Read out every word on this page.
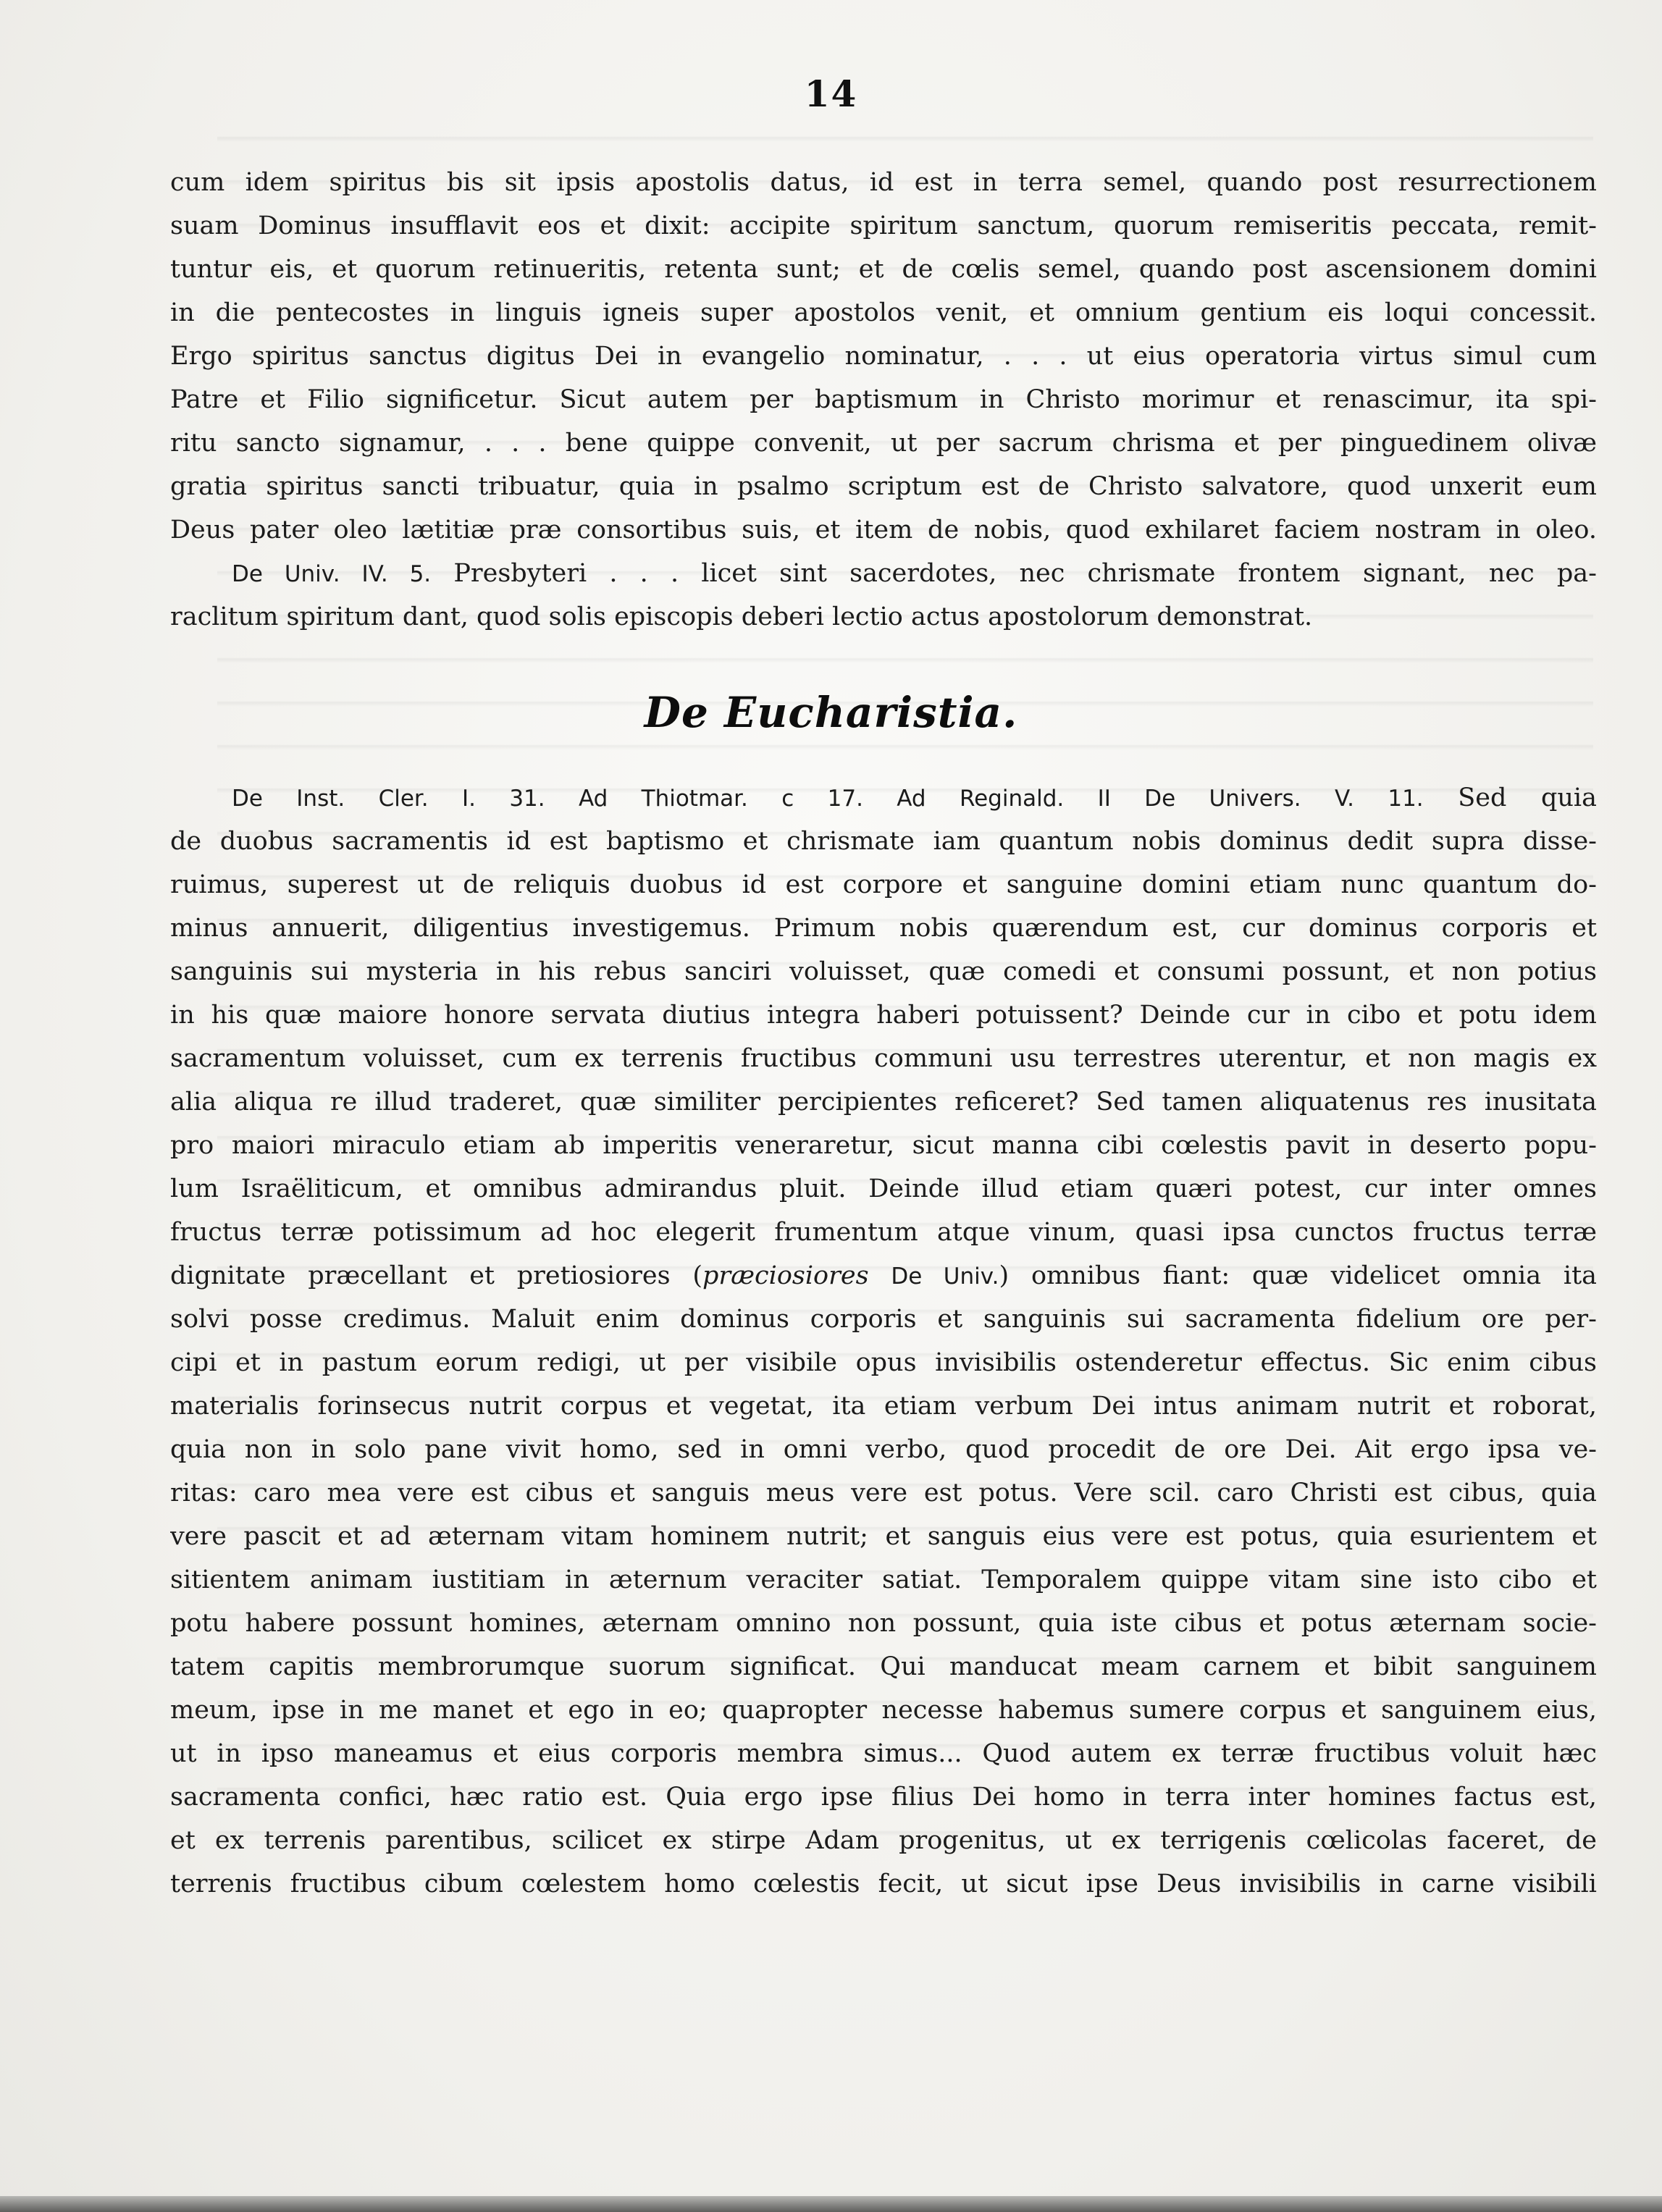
14
cum idem spiritus bis sit ipsis apostolis datus, id est in terra semel, quando post resurrectionem
suam Dominus insufflavit eos et dixit: accipite spiritum sanctum, quorum remiseritis peccata, remit-
tuntur eis, et quorum retinueritis, retenta sunt; et de cœlis semel, quando post ascensionem domini
in die pentecostes in linguis igneis super apostolos venit, et omnium gentium eis loqui concessit.
Ergo spiritus sanctus digitus Dei in evangelio nominatur, . . . ut eius operatoria virtus simul cum
Patre et Filio significetur. Sicut autem per baptismum in Christo morimur et renascimur, ita spi-
ritu sancto signamur, . . . bene quippe convenit, ut per sacrum chrisma et per pinguedinem olivæ
gratia spiritus sancti tribuatur, quia in psalmo scriptum est de Christo salvatore, quod unxerit eum
Deus pater oleo lætitiæ præ consortibus suis, et item de nobis, quod exhilaret faciem nostram in oleo.
De Univ. IV. 5. Presbyteri . . . licet sint sacerdotes, nec chrismate frontem signant, nec pa-
raclitum spiritum dant, quod solis episcopis deberi lectio actus apostolorum demonstrat.
De Eucharistia.
De Inst. Cler. I. 31. Ad Thiotmar. c 17. Ad Reginald. II De Univers. V. 11. Sed quia
de duobus sacramentis id est baptismo et chrismate iam quantum nobis dominus dedit supra disse-
ruimus, superest ut de reliquis duobus id est corpore et sanguine domini etiam nunc quantum do-
minus annuerit, diligentius investigemus. Primum nobis quærendum est, cur dominus corporis et
sanguinis sui mysteria in his rebus sanciri voluisset, quæ comedi et consumi possunt, et non potius
in his quæ maiore honore servata diutius integra haberi potuissent? Deinde cur in cibo et potu idem
sacramentum voluisset, cum ex terrenis fructibus communi usu terrestres uterentur, et non magis ex
alia aliqua re illud traderet, quæ similiter percipientes reficeret? Sed tamen aliquatenus res inusitata
pro maiori miraculo etiam ab imperitis veneraretur, sicut manna cibi cœlestis pavit in deserto popu-
lum Israëliticum, et omnibus admirandus pluit. Deinde illud etiam quæri potest, cur inter omnes
fructus terræ potissimum ad hoc elegerit frumentum atque vinum, quasi ipsa cunctos fructus terræ
dignitate præcellant et pretiosiores (præciosiores De Univ.) omnibus fiant: quæ videlicet omnia ita
solvi posse credimus. Maluit enim dominus corporis et sanguinis sui sacramenta fidelium ore per-
cipi et in pastum eorum redigi, ut per visibile opus invisibilis ostenderetur effectus. Sic enim cibus
materialis forinsecus nutrit corpus et vegetat, ita etiam verbum Dei intus animam nutrit et roborat,
quia non in solo pane vivit homo, sed in omni verbo, quod procedit de ore Dei. Ait ergo ipsa ve-
ritas: caro mea vere est cibus et sanguis meus vere est potus. Vere scil. caro Christi est cibus, quia
vere pascit et ad æternam vitam hominem nutrit; et sanguis eius vere est potus, quia esurientem et
sitientem animam iustitiam in æternum veraciter satiat. Temporalem quippe vitam sine isto cibo et
potu habere possunt homines, æternam omnino non possunt, quia iste cibus et potus æternam socie-
tatem capitis membrorumque suorum significat. Qui manducat meam carnem et bibit sanguinem
meum, ipse in me manet et ego in eo; quapropter necesse habemus sumere corpus et sanguinem eius,
ut in ipso maneamus et eius corporis membra simus... Quod autem ex terræ fructibus voluit hæc
sacramenta confici, hæc ratio est. Quia ergo ipse filius Dei homo in terra inter homines factus est,
et ex terrenis parentibus, scilicet ex stirpe Adam progenitus, ut ex terrigenis cœlicolas faceret, de
terrenis fructibus cibum cœlestem homo cœlestis fecit, ut sicut ipse Deus invisibilis in carne visibili
